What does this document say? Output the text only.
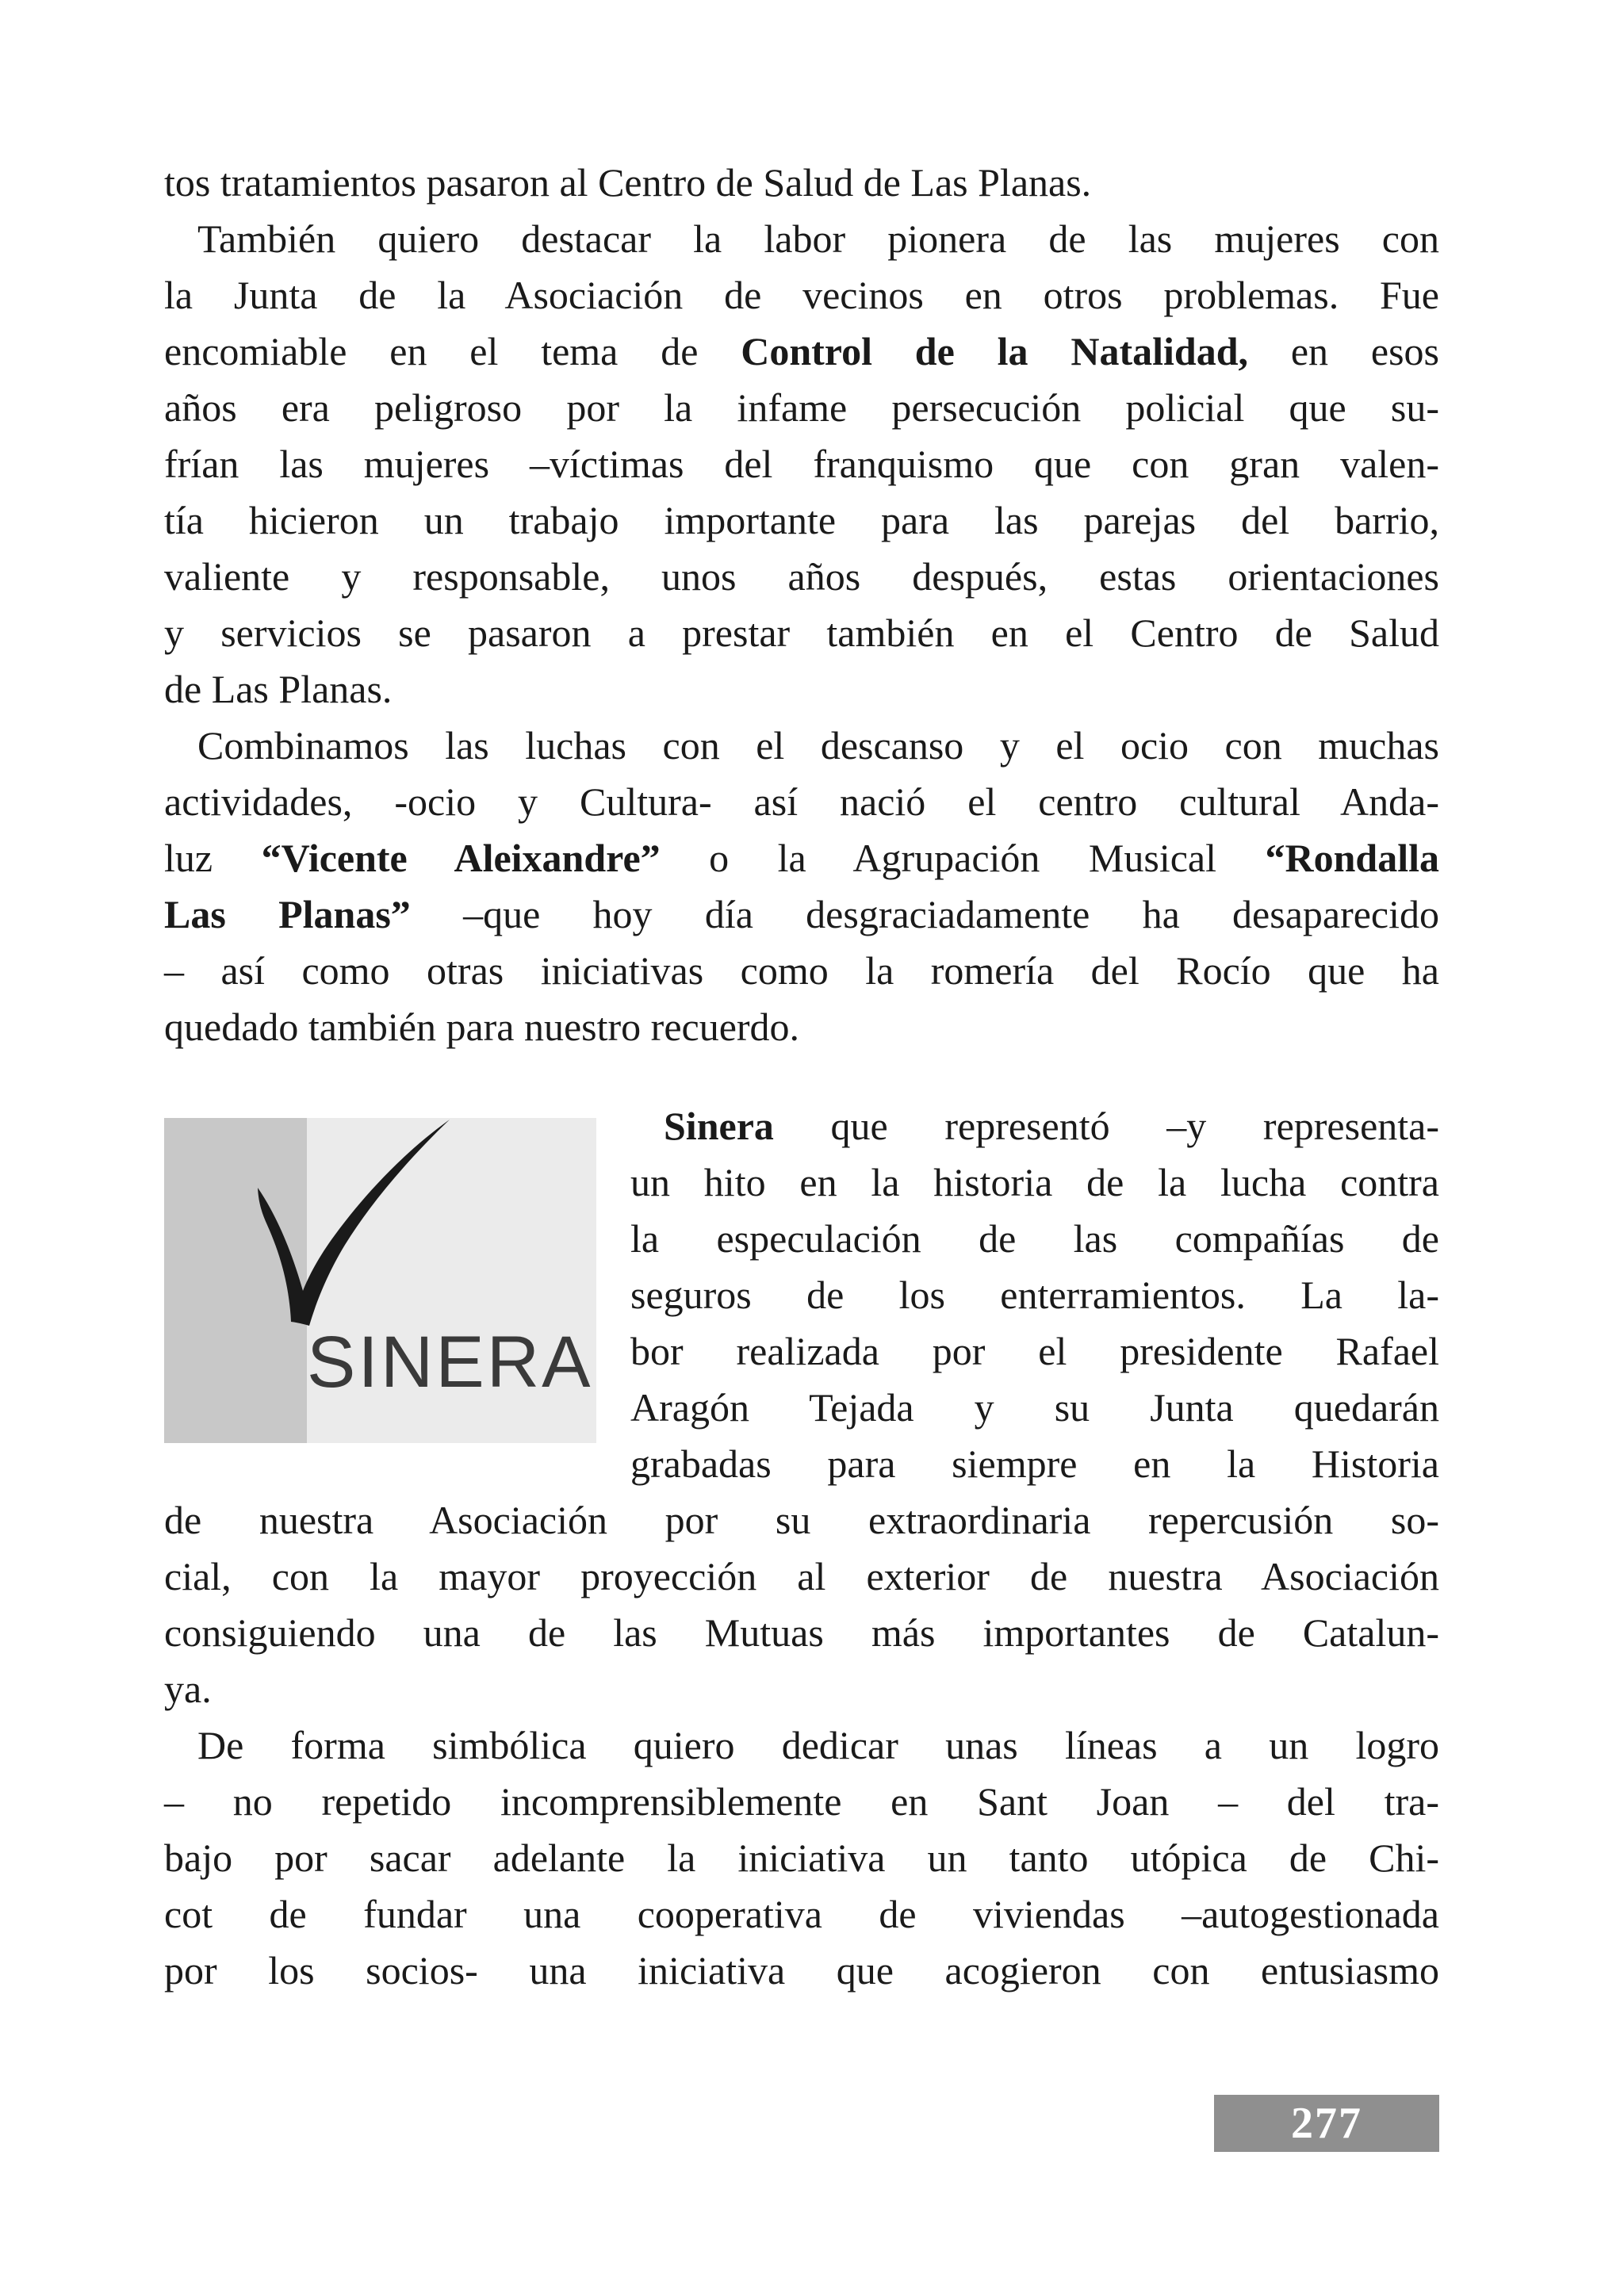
tos tratamientos pasaron al Centro de Salud de Las Planas.

También quiero destacar la labor pionera de las mujeres con
la Junta de la Asociación de vecinos en otros problemas. Fue
encomiable en el tema de Control de la Natalidad, en esos
años era peligroso por la infame persecución policial que su-
frían las mujeres –víctimas del franquismo que con gran valen-
tía hicieron un trabajo importante para las parejas del barrio,
valiente y responsable, unos años después, estas orientaciones
y servicios se pasaron a prestar también en el Centro de Salud
de Las Planas.

Combinamos las luchas con el descanso y el ocio con muchas
actividades, -ocio y Cultura- así nació el centro cultural Anda-
luz “Vicente Aleixandre” o la Agrupación Musical “Rondalla
Las Planas” –que hoy día desgraciadamente ha desaparecido
– así como otras iniciativas como la romería del Rocío que ha
quedado también para nuestro recuerdo.

SINERA

Sinera que representó –y representa-
un hito en la historia de la lucha contra
la especulación de las compañías de
seguros de los enterramientos. La la-
bor realizada por el presidente Rafael
Aragón Tejada y su Junta quedarán
grabadas para siempre en la Historia

de nuestra Asociación por su extraordinaria repercusión so-
cial, con la mayor proyección al exterior de nuestra Asociación
consiguiendo una de las Mutuas más importantes de Catalun-
ya.

De forma simbólica quiero dedicar unas líneas a un logro
– no repetido incomprensiblemente en Sant Joan – del tra-
bajo por sacar adelante la iniciativa un tanto utópica de Chi-
cot de fundar una cooperativa de viviendas –autogestionada
por los socios- una iniciativa que acogieron con entusiasmo

277
